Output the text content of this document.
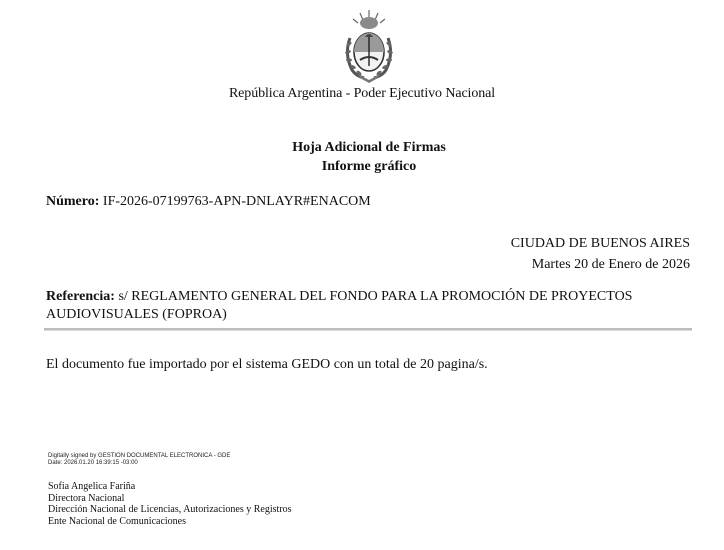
República Argentina - Poder Ejecutivo Nacional
Hoja Adicional de Firmas
Informe gráfico
Número: IF-2026-07199763-APN-DNLAYR#ENACOM
CIUDAD DE BUENOS AIRES
Martes 20 de Enero de 2026
Referencia: s/ REGLAMENTO GENERAL DEL FONDO PARA LA PROMOCIÓN DE PROYECTOS AUDIOVISUALES (FOPROA)
El documento fue importado por el sistema GEDO con un total de 20 pagina/s.
Digitally signed by GESTION DOCUMENTAL ELECTRONICA - GDE
Date: 2026.01.20 16:39:15 -03:00
Sofia Angelica Fariña
Directora Nacional
Dirección Nacional de Licencias, Autorizaciones y Registros
Ente Nacional de Comunicaciones
